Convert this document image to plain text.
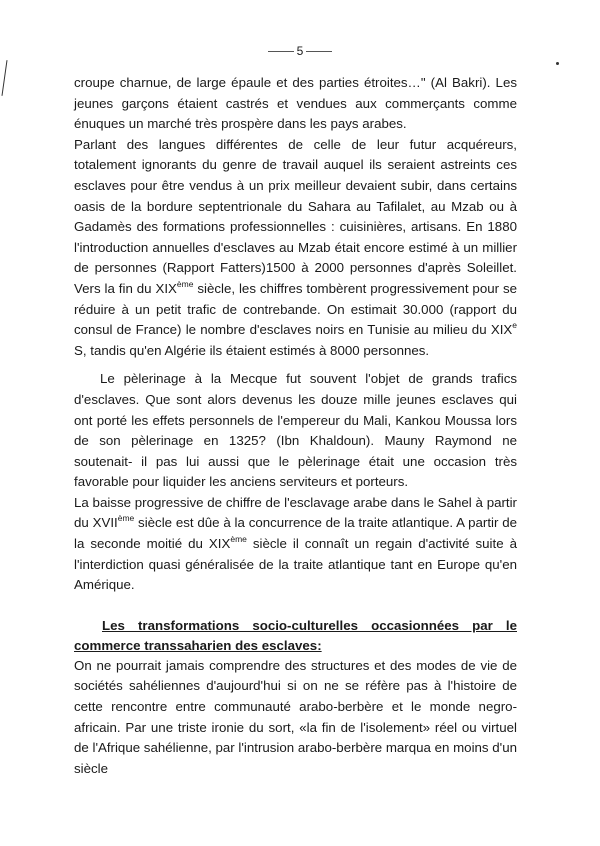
5

croupe charnue, de large épaule et des parties étroites…" (Al Bakri). Les jeunes garçons étaient castrés et vendues aux commerçants comme énuques un marché très prospère dans les pays arabes.

Parlant des langues différentes de celle de leur futur acquéreurs, totalement ignorants du genre de travail auquel ils seraient astreints ces esclaves pour être vendus à un prix meilleur devaient subir, dans certains oasis de la bordure septentrionale du Sahara au Tafilalet, au Mzab ou à Gadamès des formations professionnelles : cuisinières, artisans. En 1880 l'introduction annuelles d'esclaves au Mzab était encore estimé à un millier de personnes (Rapport Fatters)1500 à 2000 personnes d'après Soleillet. Vers la fin du XIXème siècle, les chiffres tombèrent progressivement pour se réduire à un petit trafic de contrebande. On estimait 30.000 (rapport du consul de France) le nombre d'esclaves noirs en Tunisie au milieu du XIXe S, tandis qu'en Algérie ils étaient estimés à 8000 personnes.

Le pèlerinage à la Mecque fut souvent l'objet de grands trafics d'esclaves. Que sont alors devenus les douze mille jeunes esclaves qui ont porté les effets personnels de l'empereur du Mali, Kankou Moussa lors de son pèlerinage en 1325? (Ibn Khaldoun). Mauny Raymond ne soutenait- il pas lui aussi que le pèlerinage était une occasion très favorable pour liquider les anciens serviteurs et porteurs.

La baisse progressive de chiffre de l'esclavage arabe dans le Sahel à partir du XVIIème siècle est dûe à la concurrence de la traite atlantique. A partir de la seconde moitié du XIXème siècle il connaît un regain d'activité suite à l'interdiction quasi généralisée de la traite atlantique tant en Europe qu'en Amérique.

Les transformations socio-culturelles occasionnées par le
commerce transsaharien des esclaves:

On ne pourrait jamais comprendre des structures et des modes de vie de sociétés sahéliennes d'aujourd'hui si on ne se réfère pas à l'histoire de cette rencontre entre communauté arabo-berbère et le monde negro-africain. Par une triste ironie du sort, «la fin de l'isolement» réel ou virtuel de l'Afrique sahélienne, par l'intrusion arabo-berbère marqua en moins d'un siècle
